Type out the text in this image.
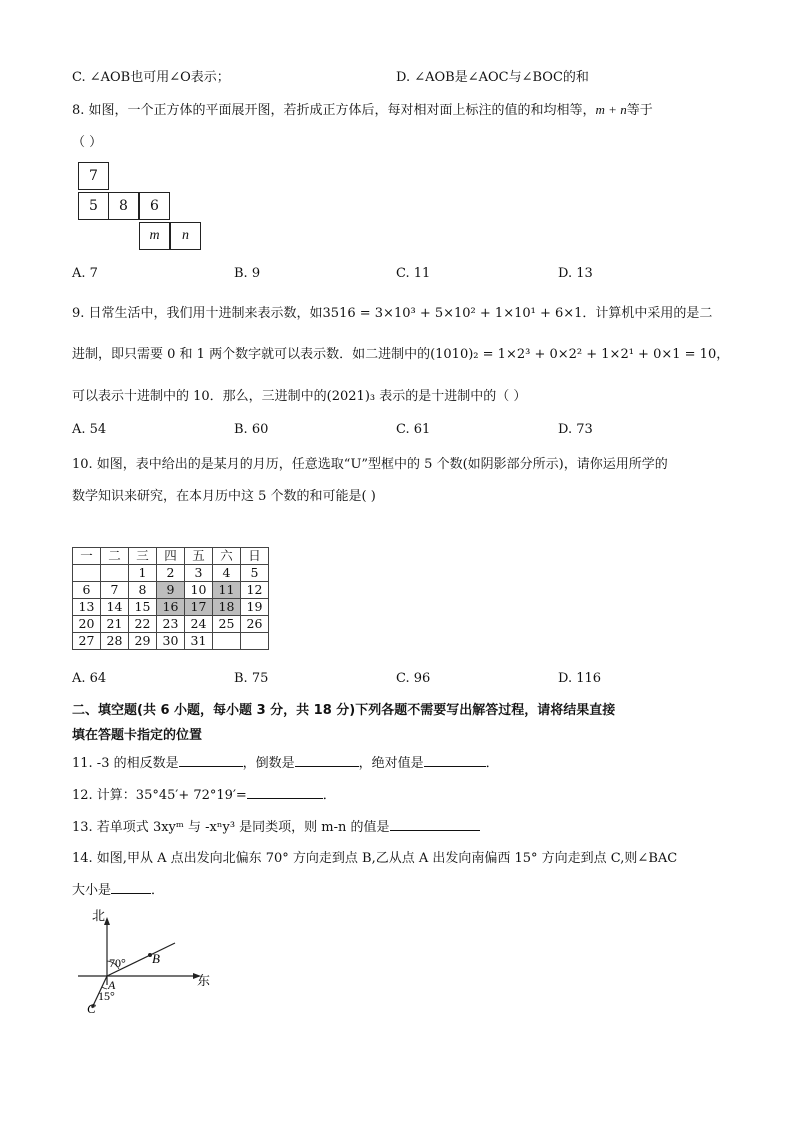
C. ∠AOB也可用∠O表示；	D. ∠AOB是∠AOC与∠BOC的和
8. 如图，一个正方体的平面展开图，若折成正方体后，每对相对面上标注的值的和均相等，m + n等于
（ ）
7
5	8	6
m	n
A. 7	B. 9	C. 11	D. 13
9. 日常生活中，我们用十进制来表示数，如3516 = 3×10³ + 5×10² + 1×10¹ + 6×1．计算机中采用的是二
进制，即只需要 0 和 1 两个数字就可以表示数．如二进制中的(1010)₂ = 1×2³ + 0×2² + 1×2¹ + 0×1 = 10，
可以表示十进制中的 10．那么，三进制中的(2021)₃ 表示的是十进制中的（ ）
A. 54	B. 60	C. 61	D. 73
10. 如图，表中给出的是某月的月历，任意选取“U”型框中的 5 个数(如阴影部分所示)，请你运用所学的
数学知识来研究，在本月历中这 5 个数的和可能是( )
一	二	三	四	五	六	日
		1	2	3	4	5
6	7	8	9	10	11	12
13	14	15	16	17	18	19
20	21	22	23	24	25	26
27	28	29	30	31		
A. 64	B. 75	C. 96	D. 116
二、填空题(共 6 小题，每小题 3 分，共 18 分)下列各题不需要写出解答过程，请将结果直接
填在答题卡指定的位置
11. -3 的相反数是	，倒数是	，绝对值是	．
12. 计算：35°45′+ 72°19′=	．
13. 若单项式 3xyᵐ 与 -xⁿy³ 是同类项，则 m-n 的值是
14. 如图,甲从 A 点出发向北偏东 70° 方向走到点 B,乙从点 A 出发向南偏西 15° 方向走到点 C,则∠BAC
大小是	．
北
东
70°
15°
A
B
C
